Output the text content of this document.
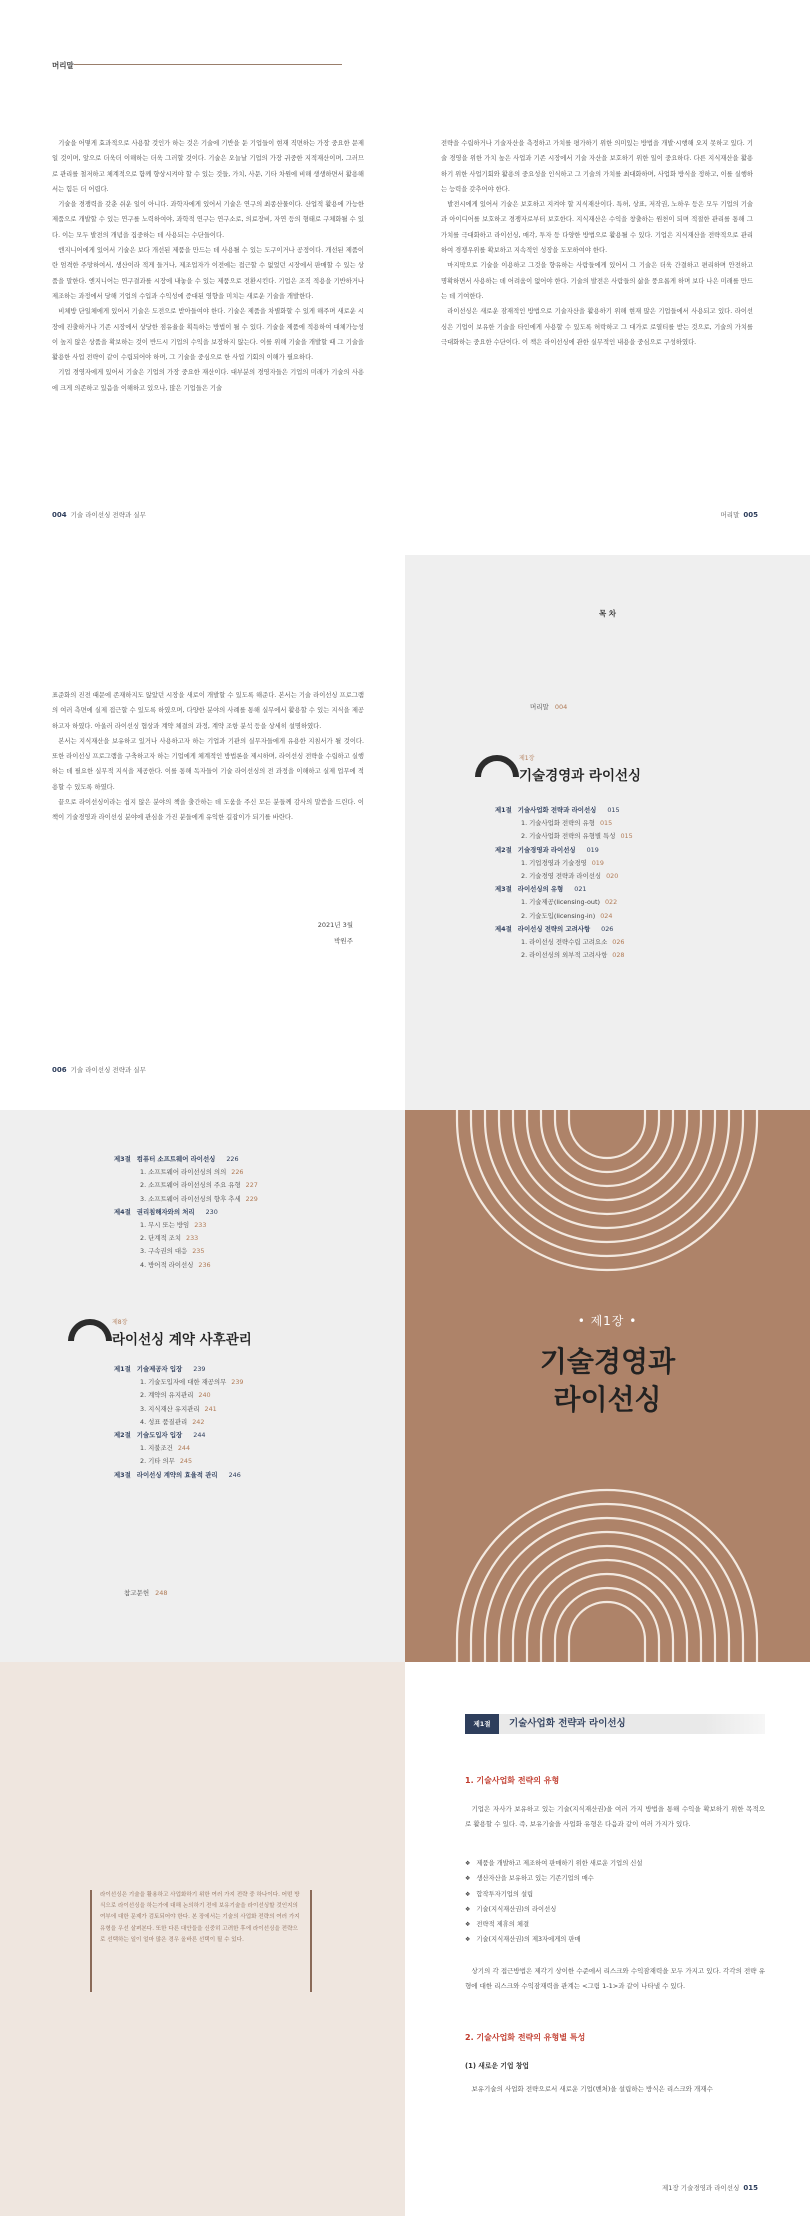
머리말

기술을 어떻게 효과적으로 사용할 것인가 하는 것은 기술에 기반을 둔 기업들이 현재 직면하는 가장 중요한 문제일 것이며, 앞으로 더욱더 이해하는 더욱 그러할 것이다. 기술은 오늘날 기업의 가장 귀중한 지적재산이며, 그러므로 관리를 철저하고 체계적으로 함께 향상시켜야 할 수 있는 것들, 가치, 사문, 기타 차원에 비해 생생하면서 활용해서는 힘든 더 어렵다.

기술을 경쟁력을 갖춘 쉬운 일이 아니다. 과학자에게 있어서 기술은 연구의 최종산물이다. 산업적 활용에 가능한 제품으로 개발할 수 있는 연구를 노력하여야, 과학적 연구는 연구소로, 의료장비, 자연 등의 형태로 구체화될 수 있다. 이는 모두 발전의 개념을 집중하는 데 사용되는 수단들이다.

엔지니어에게 있어서 기술은 보다 개선된 제품을 만드는 데 사용될 수 있는 도구이거나 공정이다. 개선된 제품이란 엄격한 주망하여서, 생산이라 적게 들거나, 제조업자가 이전에는 접근할 수 없었던 시장에서 판매할 수 있는 상품을 말한다. 엔지니어는 연구결과를 시장에 내놓을 수 있는 제품으로 전환시킨다. 기업은 조직 적용을 기반하거나 제조하는 과정에서 당해 기업의 수입과 수익성에 증대된 영향을 미치는 새로운 기술을 개발한다.

비체방 단일체에게 있어서 기술은 도전으로 받아들여야 한다. 기술은 제품을 차별화할 수 있게 해주며 새로운 시장에 진출하거나 기존 시장에서 상당한 점유율을 획득하는 방법이 될 수 있다. 기술을 제품에 적용하여 대체가능성이 높지 않은 상품을 확보하는 것이 반드시 기업의 수익을 보장하지 않는다. 이를 위해 기술을 개발할 때 그 기술을 활용한 사업 전략이 같이 수립되어야 하며, 그 기술을 중심으로 한 사업 기회의 이해가 필요하다.

기업 경영자에게 있어서 기술은 기업의 가장 중요한 재산이다. 대부분의 경영자들은 기업의 미래가 기술의 사용에 크게 의존하고 있음을 이해하고 있으나, 많은 기업들은 기술

004 기술 라이선싱 전략과 실무

전략을 수립하거나 기술자산을 측정하고 가치를 평가하기 위한 의미있는 방법을 개발·시행해 오지 못하고 있다. 기술 경영을 위한 가치 높은 사업과 기존 시장에서 기술 자산을 보호하기 위한 일이 중요하다. 다른 지식재산을 활용하기 위한 사업기회와 활용의 중요성을 인식하고 그 기술의 가치를 최대화하며, 사업화 방식을 정하고, 이를 실행하는 능력을 갖추어야 한다.

발전시에게 있어서 기술은 보호하고 지켜야 할 지식재산이다. 특허, 상표, 저작권, 노하우 등은 모두 기업의 기술과 아이디어를 보호하고 경쟁자로부터 보호한다. 지식재산은 수익을 창출하는 원천이 되며 적절한 관리를 통해 그 가치를 극대화하고 라이선싱, 매각, 투자 등 다양한 방법으로 활용될 수 있다. 기업은 지식재산을 전략적으로 관리하여 경쟁우위를 확보하고 지속적인 성장을 도모하여야 한다.

마지막으로 기술을 이용하고 그것을 향유하는 사람들에게 있어서 그 기술은 더욱 간결하고 편리하며 안전하고 명확하면서 사용하는 데 어려움이 없어야 한다. 기술의 발전은 사람들의 삶을 풍요롭게 하며 보다 나은 미래를 만드는 데 기여한다.

라이선싱은 새로운 잠재적인 방법으로 기술자산을 활용하기 위해 현재 많은 기업들에서 사용되고 있다. 라이선싱은 기업이 보유한 기술을 타인에게 사용할 수 있도록 허락하고 그 대가로 로열티를 받는 것으로, 기술의 가치를 극대화하는 중요한 수단이다. 이 책은 라이선싱에 관한 실무적인 내용을 중심으로 구성하였다.

머리말 005

표준화의 진전 때문에 존재하지도 않았던 시장을 새로이 개발할 수 있도록 해준다. 본서는 기술 라이선싱 프로그램의 여러 측면에 실제 접근할 수 있도록 하였으며, 다양한 분야의 사례를 통해 실무에서 활용할 수 있는 지식을 제공하고자 하였다. 아울러 라이선싱 협상과 계약 체결의 과정, 계약 조항 분석 등을 상세히 설명하였다.

본서는 지식재산을 보유하고 있거나 사용하고자 하는 기업과 기관의 실무자들에게 유용한 지침서가 될 것이다. 또한 라이선싱 프로그램을 구축하고자 하는 기업에게 체계적인 방법론을 제시하며, 라이선싱 전략을 수립하고 실행하는 데 필요한 실무적 지식을 제공한다. 이를 통해 독자들이 기술 라이선싱의 전 과정을 이해하고 실제 업무에 적용할 수 있도록 하였다.

끝으로 라이선싱이라는 쉽지 않은 분야의 책을 출간하는 데 도움을 주신 모든 분들께 감사의 말씀을 드린다. 이 책이 기술경영과 라이선싱 분야에 관심을 가진 분들에게 유익한 길잡이가 되기를 바란다.

2021년 3월
박원주
006 기술 라이선싱 전략과 실무
목 차
머리말 004
제1장
기술경영과 라이선싱
제1절 기술사업화 전략과 라이선싱 015
1. 기술사업화 전략의 유형 015
2. 기술사업화 전략의 유형별 특성 015
제2절 기술경영과 라이선싱 019
1. 기업경영과 기술경영 019
2. 기술경영 전략과 라이선싱 020
제3절 라이선싱의 유형 021
1. 기술제공(licensing-out) 022
2. 기술도입(licensing-in) 024
제4절 라이선싱 전략의 고려사항 026
1. 라이선싱 전략수립 고려요소 026
2. 라이선싱의 외부적 고려사항 028
제3절 컴퓨터 소프트웨어 라이선싱 226
1. 소프트웨어 라이선싱의 의의 226
2. 소프트웨어 라이선싱의 주요 유형 227
3. 소프트웨어 라이선싱의 향후 추세 229
제4절 권리침해자와의 처리 230
1. 무시 또는 방임 233
2. 단계적 조치 233
3. 구속권의 대응 235
4. 방어적 라이선싱 236
제8장
라이선싱 계약 사후관리
제1절 기술제공자 입장 239
1. 기술도입자에 대한 재공의무 239
2. 계약의 유지관리 240
3. 지식재산 유지관리 241
4. 성표 품질관리 242
제2절 기술도입자 입장 244
1. 지불조건 244
2. 기타 의무 245
제3절 라이선싱 계약의 효율적 관리 246
참고문헌 248
• 제1장 •
기술경영과
라이선싱
라이선싱은 기술을 활용하고 사업화하기 위한 여러 가지 전략 중 하나이다. 어떤 방식으로 라이선싱을 하는가에 대해 논의하기 전에 보유기술을 라이선싱할 것인지의 여부에 대한 문제가 검토되어야 한다. 본 장에서는 기술의 사업화 전략의 여러 가지 유형을 우선 살펴본다. 또한 다른 대안들을 신중히 고려한 후에 라이선싱을 전략으로 선택하는 일이 얼마 많은 경우 올바른 선택이 될 수 있다.
제1절	기술사업화 전략과 라이선싱
1. 기술사업화 전략의 유형
기업은 자사가 보유하고 있는 기술(지식재산권)을 여러 가지 방법을 통해 수익을 확보하기 위한 목적으로 활용할 수 있다. 즉, 보유기술을 사업화 유형은 다음과 같이 여러 가지가 있다.
❖ 제품을 개발하고 제조하여 판매하기 위한 새로운 기업의 신설
❖ 생산자산을 보유하고 있는 기존기업의 매수
❖ 합작투자기업의 설립
❖ 기술(지식재산권)의 라이선싱
❖ 전략적 제휴의 체결
❖ 기술(지식재산권)의 제3자에게의 판매
상기의 각 접근방법은 제각기 상이한 수준에서 리스크와 수익잠재력을 모두 가지고 있다. 각각의 전략 유형에 대한 리스크와 수익잠재력을 관계는 <그림 1-1>과 같이 나타낼 수 있다.
2. 기술사업화 전략의 유형별 특성
(1) 새로운 기업 창업
보유기술의 사업화 전략으로서 새로운 기업(벤처)을 설립하는 방식은 리스크와 개재수
제1장 기술경영과 라이선싱 015
